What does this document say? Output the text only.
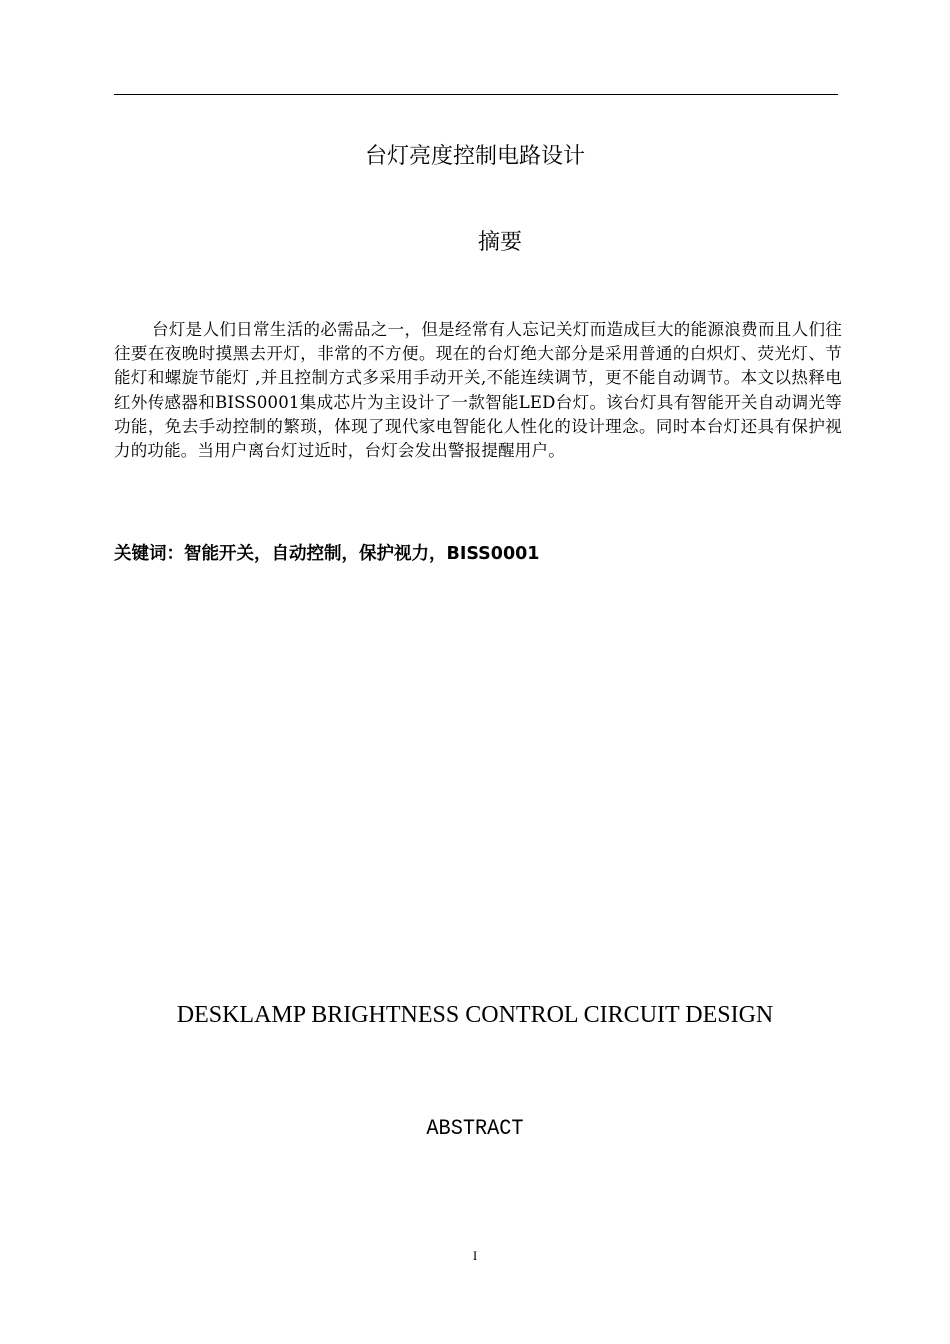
台灯亮度控制电路设计
摘要
台灯是人们日常生活的必需品之一，但是经常有人忘记关灯而造成巨大的能源浪费而且人们往往要在夜晚时摸黑去开灯，非常的不方便。现在的台灯绝大部分是采用普通的白炽灯、荧光灯、节能灯和螺旋节能灯 ,并且控制方式多采用手动开关,不能连续调节，更不能自动调节。本文以热释电红外传感器和BISS0001集成芯片为主设计了一款智能LED台灯。该台灯具有智能开关自动调光等功能，免去手动控制的繁琐，体现了现代家电智能化人性化的设计理念。同时本台灯还具有保护视力的功能。当用户离台灯过近时，台灯会发出警报提醒用户。
关键词：智能开关，自动控制，保护视力，BISS0001
DESKLAMP BRIGHTNESS CONTROL CIRCUIT DESIGN
ABSTRACT
I
